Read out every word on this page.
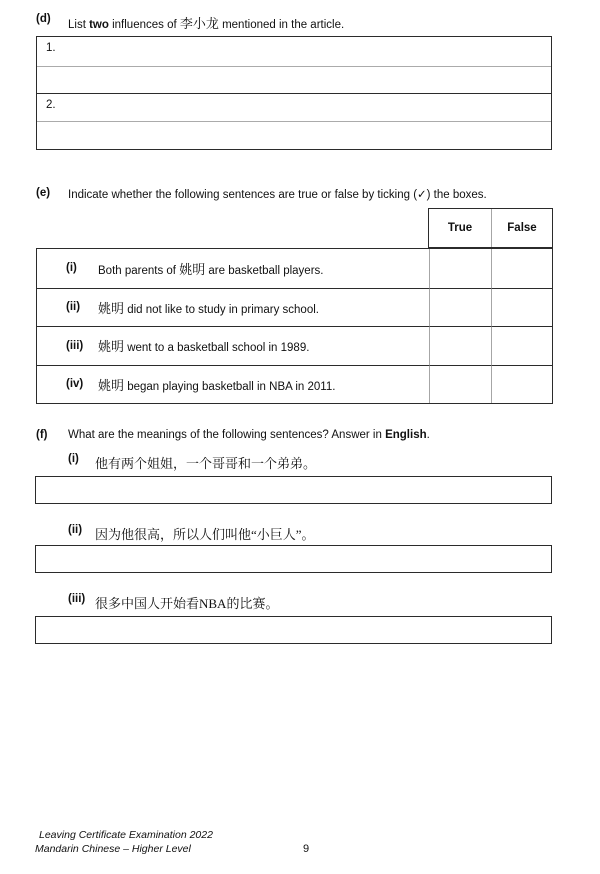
(d)	List two influences of 李小龙 mentioned in the article.
1.
2.
(e)	Indicate whether the following sentences are true or false by ticking (✓) the boxes.
True	False
(i)	Both parents of 姚明 are basketball players.
(ii)	姚明 did not like to study in primary school.
(iii)	姚明 went to a basketball school in 1989.
(iv)	姚明 began playing basketball in NBA in 2011.
(f)	What are the meanings of the following sentences? Answer in English.
(i)	他有两个姐姐，一个哥哥和一个弟弟。
(ii) 因为他很高，所以人们叫他“小巨人”。
(iii) 很多中国人开始看NBA的比赛。
Leaving Certificate Examination 2022
Mandarin Chinese – Higher Level	9
